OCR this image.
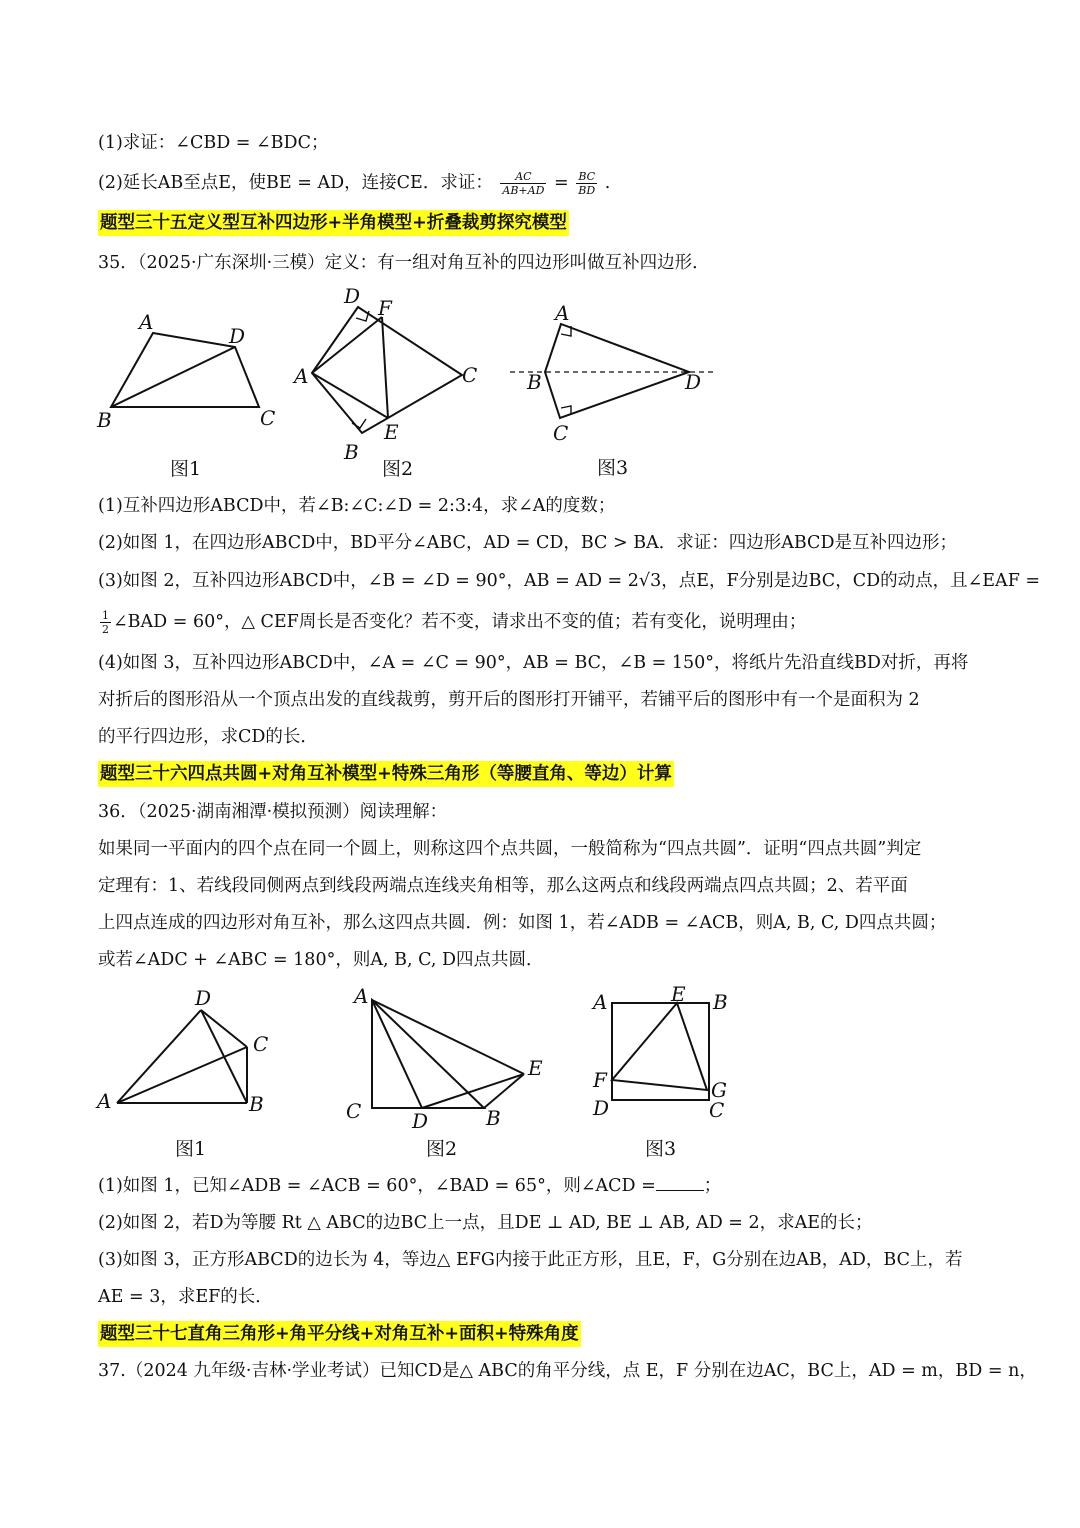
(1)求证：∠CBD = ∠BDC；
(2)延长AB至点E，使BE = AD，连接CE．求证： $\frac{AC}{AB+AD} = \frac{BC}{BD}$ .
题型三十五定义型互补四边形+半角模型+折叠裁剪探究模型
35．（2025·广东深圳·三模）定义：有一组对角互补的四边形叫做互补四边形．
A
D
B	C
图1
D F
A	C
E
B
图2
A
B	D
C
图3
(1)互补四边形ABCD中，若∠B:∠C:∠D = 2:3:4，求∠A的度数；
(2)如图 1，在四边形ABCD中，BD平分∠ABC，AD = CD，BC > BA．求证：四边形ABCD是互补四边形；
(3)如图 2，互补四边形ABCD中，∠B = ∠D = 90°，AB = AD = 2√3，点E，F分别是边BC，CD的动点，且∠EAF =
$\frac{1}{2}$ ∠BAD = 60°，△ CEF周长是否变化？若不变，请求出不变的值；若有变化，说明理由；
(4)如图 3，互补四边形ABCD中，∠A = ∠C = 90°，AB = BC，∠B = 150°，将纸片先沿直线BD对折，再将
对折后的图形沿从一个顶点出发的直线裁剪，剪开后的图形打开铺平，若铺平后的图形中有一个是面积为 2
的平行四边形，求CD的长．
题型三十六四点共圆+对角互补模型+特殊三角形（等腰直角、等边）计算
36．（2025·湖南湘潭·模拟预测）阅读理解：
如果同一平面内的四个点在同一个圆上，则称这四个点共圆，一般简称为“四点共圆”．证明“四点共圆”判定
定理有：1、若线段同侧两点到线段两端点连线夹角相等，那么这两点和线段两端点四点共圆；2、若平面
上四点连成的四边形对角互补，那么这四点共圆．例：如图 1，若∠ADB = ∠ACB，则A, B, C, D四点共圆；
或若∠ADC + ∠ABC = 180°，则A, B, C, D四点共圆．
D
C
A	B
图1
A
E
C	D	B
图2
A	E B
F	G
D	C
图3
(1)如图 1，已知∠ADB = ∠ACB = 60°，∠BAD = 65°，则∠ACD =	；
(2)如图 2，若D为等腰 Rt △ ABC的边BC上一点，且DE ⊥ AD, BE ⊥ AB, AD = 2，求AE的长；
(3)如图 3，正方形ABCD的边长为 4，等边△ EFG内接于此正方形，且E，F，G分别在边AB，AD，BC上，若
AE = 3，求EF的长．
题型三十七直角三角形+角平分线+对角互补+面积+特殊角度
37.（2024 九年级·吉林·学业考试）已知CD是△ ABC的角平分线，点 E，F 分别在边AC，BC上，AD = m，BD = n，
